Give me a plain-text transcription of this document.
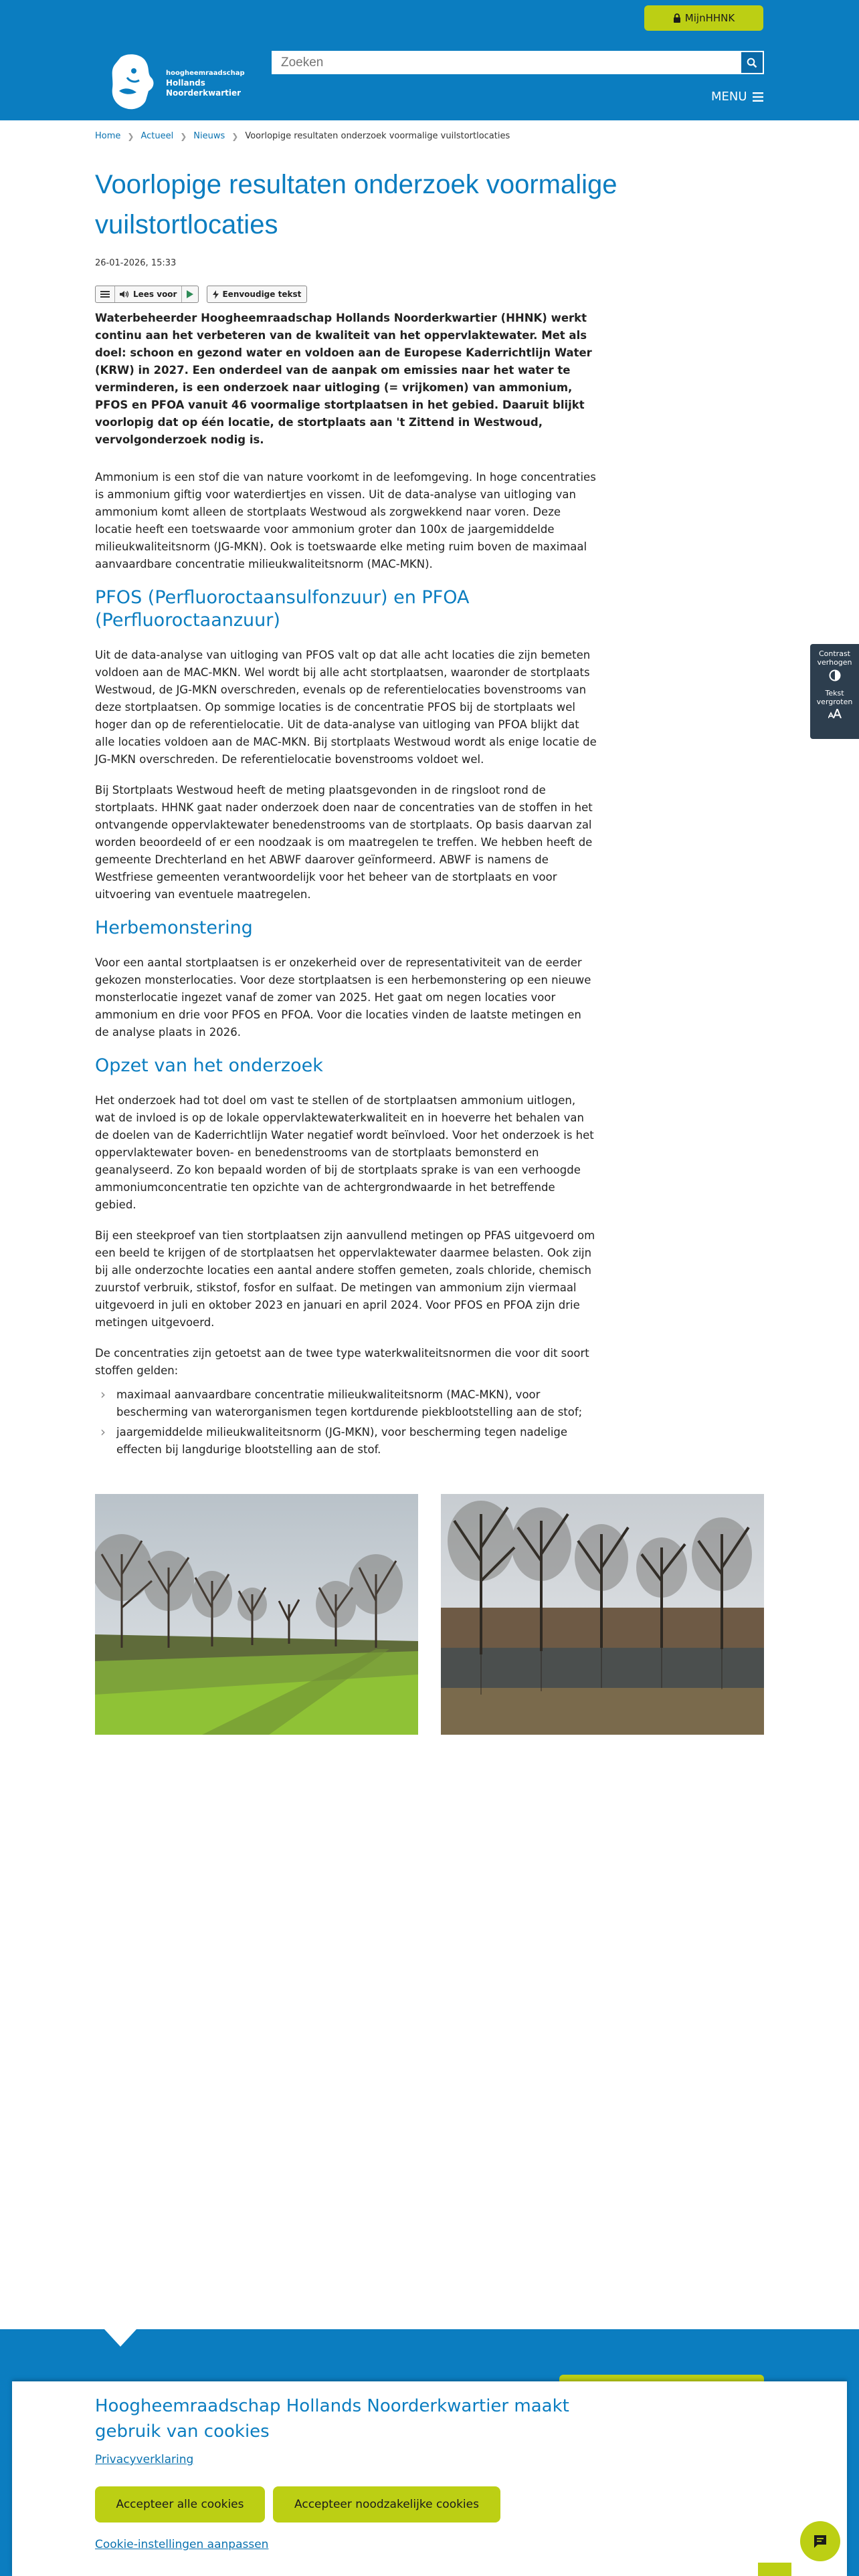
MijnHHNK
hoogheemraadschap
Hollands
Noorderkwartier
Zoeken	MENU
Home ❯ Actueel ❯ Nieuws ❯ Voorlopige resultaten onderzoek voormalige vuilstortlocaties
Voorlopige resultaten onderzoek voormalige vuilstortlocaties
26-01-2026, 15:33
Lees voor	Eenvoudige tekst

Waterbeheerder Hoogheemraadschap Hollands Noorderkwartier (HHNK) werkt continu aan het verbeteren van de kwaliteit van het oppervlaktewater. Met als doel: schoon en gezond water en voldoen aan de Europese Kaderrichtlijn Water (KRW) in 2027. Een onderdeel van de aanpak om emissies naar het water te verminderen, is een onderzoek naar uitloging (= vrijkomen) van ammonium, PFOS en PFOA vanuit 46 voormalige stortplaatsen in het gebied. Daaruit blijkt voorlopig dat op één locatie, de stortplaats aan 't Zittend in Westwoud, vervolgonderzoek nodig is.

Ammonium is een stof die van nature voorkomt in de leefomgeving. In hoge concentraties is ammonium giftig voor waterdiertjes en vissen. Uit de data-analyse van uitloging van ammonium komt alleen de stortplaats Westwoud als zorgwekkend naar voren. Deze locatie heeft een toetswaarde voor ammonium groter dan 100x de jaargemiddelde milieukwaliteitsnorm (JG-MKN). Ook is toetswaarde elke meting ruim boven de maximaal aanvaardbare concentratie milieukwaliteitsnorm (MAC-MKN).

PFOS (Perfluoroctaansulfonzuur) en PFOA (Perfluoroctaanzuur)

Uit de data-analyse van uitloging van PFOS valt op dat alle acht locaties die zijn bemeten voldoen aan de MAC-MKN. Wel wordt bij alle acht stortplaatsen, waaronder de stortplaats Westwoud, de JG-MKN overschreden, evenals op de referentielocaties bovenstrooms van deze stortplaatsen. Op sommige locaties is de concentratie PFOS bij de stortplaats wel hoger dan op de referentielocatie. Uit de data-analyse van uitloging van PFOA blijkt dat alle locaties voldoen aan de MAC-MKN. Bij stortplaats Westwoud wordt als enige locatie de JG-MKN overschreden. De referentielocatie bovenstrooms voldoet wel.

Bij Stortplaats Westwoud heeft de meting plaatsgevonden in de ringsloot rond de stortplaats. HHNK gaat nader onderzoek doen naar de concentraties van de stoffen in het ontvangende oppervlaktewater benedenstrooms van de stortplaats. Op basis daarvan zal worden beoordeeld of er een noodzaak is om maatregelen te treffen. We hebben heeft de gemeente Drechterland en het ABWF daarover geïnformeerd. ABWF is namens de Westfriese gemeenten verantwoordelijk voor het beheer van de stortplaats en voor uitvoering van eventuele maatregelen.

Herbemonstering

Voor een aantal stortplaatsen is er onzekerheid over de representativiteit van de eerder gekozen monsterlocaties. Voor deze stortplaatsen is een herbemonstering op een nieuwe monsterlocatie ingezet vanaf de zomer van 2025. Het gaat om negen locaties voor ammonium en drie voor PFOS en PFOA. Voor die locaties vinden de laatste metingen en de analyse plaats in 2026.

Opzet van het onderzoek

Het onderzoek had tot doel om vast te stellen of de stortplaatsen ammonium uitlogen, wat de invloed is op de lokale oppervlaktewaterkwaliteit en in hoeverre het behalen van de doelen van de Kaderrichtlijn Water negatief wordt beïnvloed. Voor het onderzoek is het oppervlaktewater boven- en benedenstrooms van de stortplaats bemonsterd en geanalyseerd. Zo kon bepaald worden of bij de stortplaats sprake is van een verhoogde ammoniumconcentratie ten opzichte van de achtergrondwaarde in het betreffende gebied.

Bij een steekproef van tien stortplaatsen zijn aanvullend metingen op PFAS uitgevoerd om een beeld te krijgen of de stortplaatsen het oppervlaktewater daarmee belasten. Ook zijn bij alle onderzochte locaties een aantal andere stoffen gemeten, zoals chloride, chemisch zuurstof verbruik, stikstof, fosfor en sulfaat. De metingen van ammonium zijn viermaal uitgevoerd in juli en oktober 2023 en januari en april 2024. Voor PFOS en PFOA zijn drie metingen uitgevoerd.

De concentraties zijn getoetst aan de twee type waterkwaliteitsnormen die voor dit soort stoffen gelden:

› maximaal aanvaardbare concentratie milieukwaliteitsnorm (MAC-MKN), voor bescherming van waterorganismen tegen kortdurende piekblootstelling aan de stof;
› jaargemiddelde milieukwaliteitsnorm (JG-MKN), voor bescherming tegen nadelige effecten bij langdurige blootstelling aan de stof.
Contrast verhogen
Tekst vergroten
Hoogheemraadschap Hollands Noorderkwartier maakt gebruik van cookies
Privacyverklaring
Accepteer alle cookies	Accepteer noodzakelijke cookies
Cookie-instellingen aanpassen
